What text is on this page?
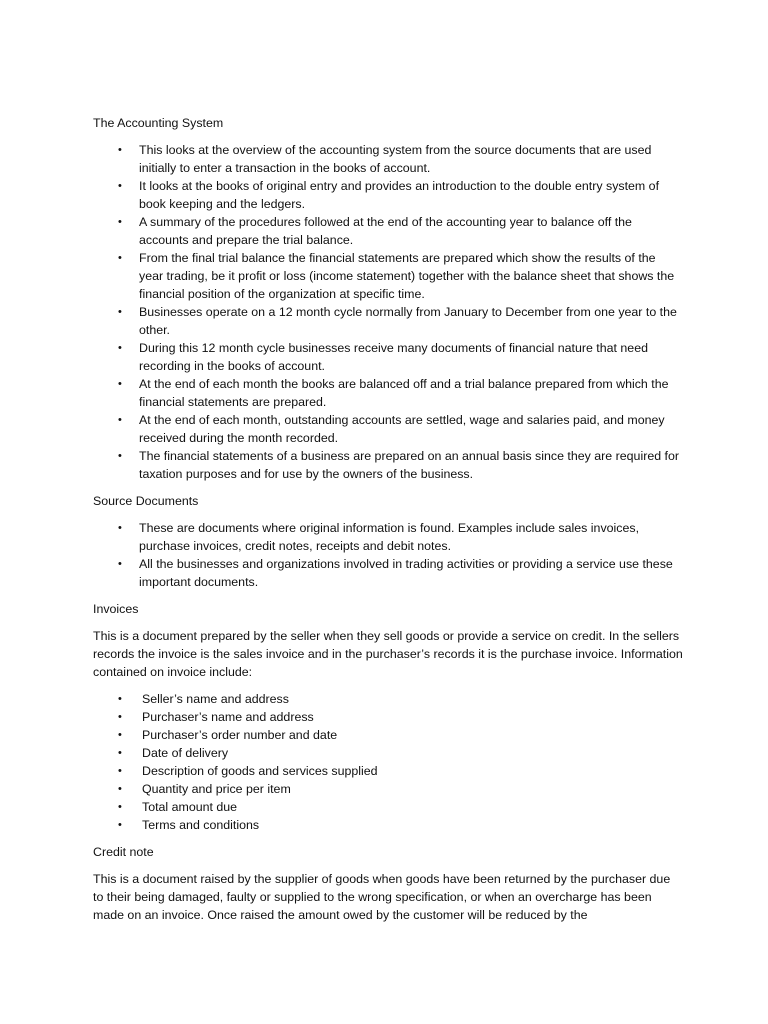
The Accounting System
• This looks at the overview of the accounting system from the source documents that are used initially to enter a transaction in the books of account.
• It looks at the books of original entry and provides an introduction to the double entry system of book keeping and the ledgers.
• A summary of the procedures followed at the end of the accounting year to balance off the accounts and prepare the trial balance.
• From the final trial balance the financial statements are prepared which show the results of the year trading, be it profit or loss (income statement) together with the balance sheet that shows the financial position of the organization at specific time.
• Businesses operate on a 12 month cycle normally from January to December from one year to the other.
• During this 12 month cycle businesses receive many documents of financial nature that need recording in the books of account.
• At the end of each month the books are balanced off and a trial balance prepared from which the financial statements are prepared.
• At the end of each month, outstanding accounts are settled, wage and salaries paid, and money received during the month recorded.
• The financial statements of a business are prepared on an annual basis since they are required for taxation purposes and for use by the owners of the business.
Source Documents
• These are documents where original information is found. Examples include sales invoices, purchase invoices, credit notes, receipts and debit notes.
• All the businesses and organizations involved in trading activities or providing a service use these important documents.
Invoices
This is a document prepared by the seller when they sell goods or provide a service on credit. In the sellers records the invoice is the sales invoice and in the purchaser’s records it is the purchase invoice. Information contained on invoice include:
• Seller’s name and address
• Purchaser’s name and address
• Purchaser’s order number and date
• Date of delivery
• Description of goods and services supplied
• Quantity and price per item
• Total amount due
• Terms and conditions
Credit note
This is a document raised by the supplier of goods when goods have been returned by the purchaser due to their being damaged, faulty or supplied to the wrong specification, or when an overcharge has been made on an invoice. Once raised the amount owed by the customer will be reduced by the
